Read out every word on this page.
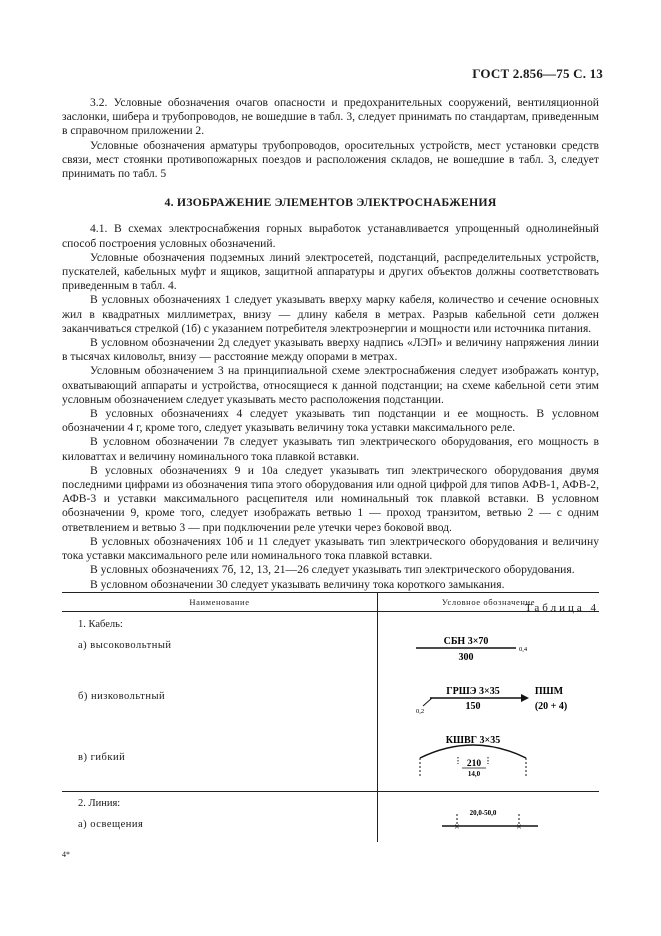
ГОСТ 2.856—75 С. 13

3.2. Условные обозначения очагов опасности и предохранительных сооружений, вентиляционной заслонки, шибера и трубопроводов, не вошедшие в табл. 3, следует принимать по стандартам, приведенным в справочном приложении 2.

Условные обозначения арматуры трубопроводов, оросительных устройств, мест установки средств связи, мест стоянки противопожарных поездов и расположения складов, не вошедшие в табл. 3, следует принимать по табл. 5

4. ИЗОБРАЖЕНИЕ ЭЛЕМЕНТОВ ЭЛЕКТРОСНАБЖЕНИЯ

4.1. В схемах электроснабжения горных выработок устанавливается упрощенный однолинейный способ построения условных обозначений.

Условные обозначения подземных линий электросетей, подстанций, распределительных устройств, пускателей, кабельных муфт и ящиков, защитной аппаратуры и других объектов должны соответствовать приведенным в табл. 4.

В условных обозначениях 1 следует указывать вверху марку кабеля, количество и сечение основных жил в квадратных миллиметрах, внизу — длину кабеля в метрах. Разрыв кабельной сети должен заканчиваться стрелкой (1б) с указанием потребителя электроэнергии и мощности или источника питания.

В условном обозначении 2д следует указывать вверху надпись «ЛЭП» и величину напряжения линии в тысячах киловольт, внизу — расстояние между опорами в метрах.

Условным обозначением 3 на принципиальной схеме электроснабжения следует изображать контур, охватывающий аппараты и устройства, относящиеся к данной подстанции; на схеме кабельной сети этим условным обозначением следует указывать место расположения подстанции.

В условных обозначениях 4 следует указывать тип подстанции и ее мощность. В условном обозначении 4 г, кроме того, следует указывать величину тока уставки максимального реле.

В условном обозначении 7в следует указывать тип электрического оборудования, его мощность в киловаттах и величину номинального тока плавкой вставки.

В условных обозначениях 9 и 10а следует указывать тип электрического оборудования двумя последними цифрами из обозначения типа этого оборудования или одной цифрой для типов АФВ-1, АФВ-2, АФВ-3 и уставки максимального расцепителя или номинальный ток плавкой вставки. В условном обозначении 9, кроме того, следует изображать ветвью 1 — проход транзитом, ветвью 2 — с одним ответвлением и ветвью 3 — при подключении реле утечки через боковой ввод.

В условных обозначениях 10б и 11 следует указывать тип электрического оборудования и величину тока уставки максимального реле или номинального тока плавкой вставки.

В условных обозначениях 7б, 12, 13, 21—26 следует указывать тип электрического оборудования.

В условном обозначении 30 следует указывать величину тока короткого замыкания.

Таблица 4
Наименование	Условное обозначение
1. Кабель:
а) высоковольтный
б) низковольтный
в) гибкий
2. Линия:
а) освещения
СБН 3×70
300
0,4
ГРШЭ 3×35
150
0,2
ПШМ
(20 + 4)
КШВГ 3×35
210
14,0
20,0-50,0
×	×
4*
